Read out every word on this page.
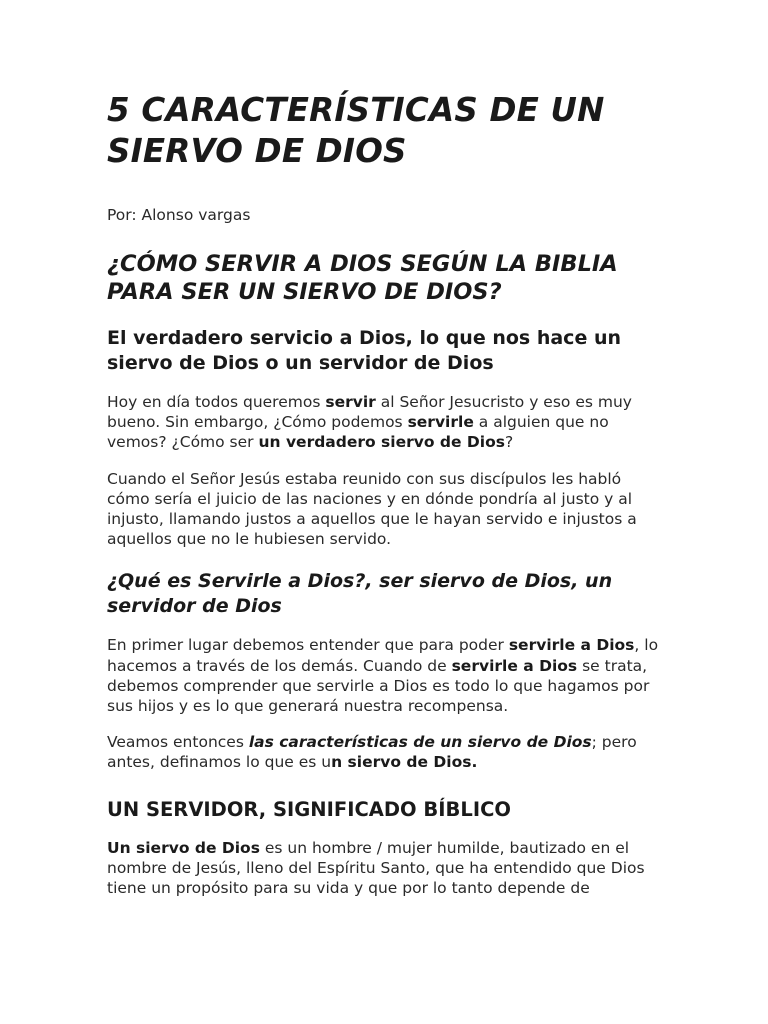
5 CARACTERÍSTICAS DE UN SIERVO DE DIOS
Por: Alonso vargas
¿CÓMO SERVIR A DIOS SEGÚN LA BIBLIA PARA SER UN SIERVO DE DIOS?
El verdadero servicio a Dios, lo que nos hace un siervo de Dios o un servidor de Dios

Hoy en día todos queremos servir al Señor Jesucristo y eso es muy bueno. Sin embargo, ¿Cómo podemos servirle a alguien que no vemos? ¿Cómo ser un verdadero siervo de Dios?

Cuando el Señor Jesús estaba reunido con sus discípulos les habló cómo sería el juicio de las naciones y en dónde pondría al justo y al injusto, llamando justos a aquellos que le hayan servido e injustos a aquellos que no le hubiesen servido.

¿Qué es Servirle a Dios?, ser siervo de Dios, un servidor de Dios

En primer lugar debemos entender que para poder servirle a Dios, lo hacemos a través de los demás. Cuando de servirle a Dios se trata, debemos comprender que servirle a Dios es todo lo que hagamos por sus hijos y es lo que generará nuestra recompensa.

Veamos entonces las características de un siervo de Dios; pero antes, definamos lo que es un siervo de Dios.

UN SERVIDOR, SIGNIFICADO BÍBLICO

Un siervo de Dios es un hombre / mujer humilde, bautizado en el nombre de Jesús, lleno del Espíritu Santo, que ha entendido que Dios tiene un propósito para su vida y que por lo tanto depende de
